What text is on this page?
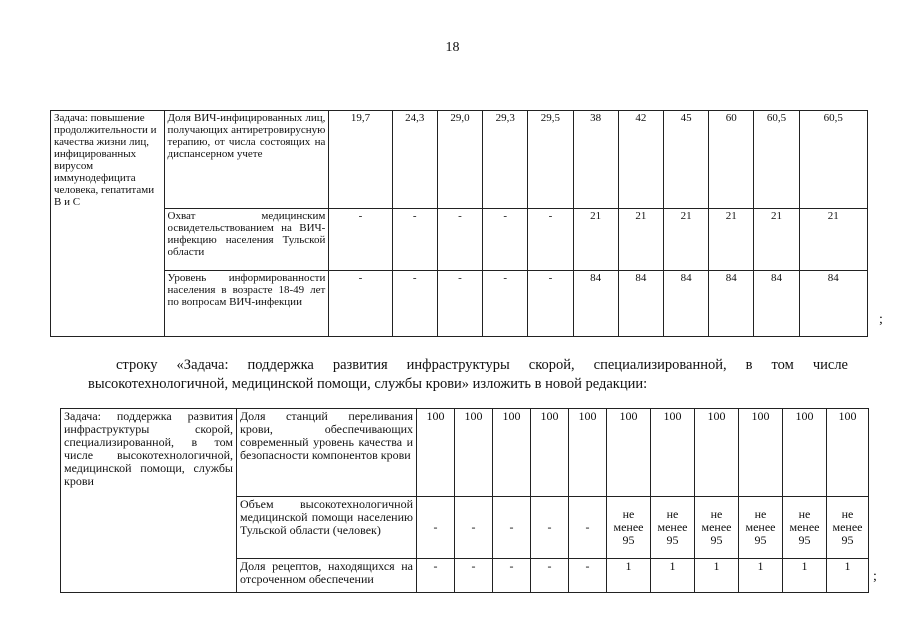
18
Задача: повышение продолжительности и качества жизни лиц, инфицированных вирусом иммунодефицита человека, гепатитами В и С	Доля ВИЧ-инфицированных лиц, получающих антиретровирусную терапию, от числа состоящих на диспансерном учете	19,7	24,3	29,0	29,3	29,5	38	42	45	60	60,5	60,5
	Охват медицинским освидетельствованием на ВИЧ-инфекцию населения Тульской области	-	-	-	-	-	21	21	21	21	21	21
	Уровень информированности населения в возрасте 18-49 лет по вопросам ВИЧ-инфекции	-	-	-	-	-	84	84	84	84	84	84
;

строку «Задача: поддержка развития инфраструктуры скорой, специализированной, в том числе высокотехнологичной, медицинской помощи, службы крови» изложить в новой редакции:

Задача: поддержка развития инфраструктуры скорой, специализированной, в том числе высокотехнологичной, медицинской помощи, службы крови	Доля станций переливания крови, обеспечивающих современный уровень качества и безопасности компонентов крови	100	100	100	100	100	100	100	100	100	100	100
	Объем высокотехнологичной медицинской помощи населению Тульской области (человек)	-	-	-	-	-	не менее 95	не менее 95	не менее 95	не менее 95	не менее 95	не менее 95
	Доля рецептов, находящихся на отсроченном обеспечении	-	-	-	-	-	1	1	1	1	1	1
;
